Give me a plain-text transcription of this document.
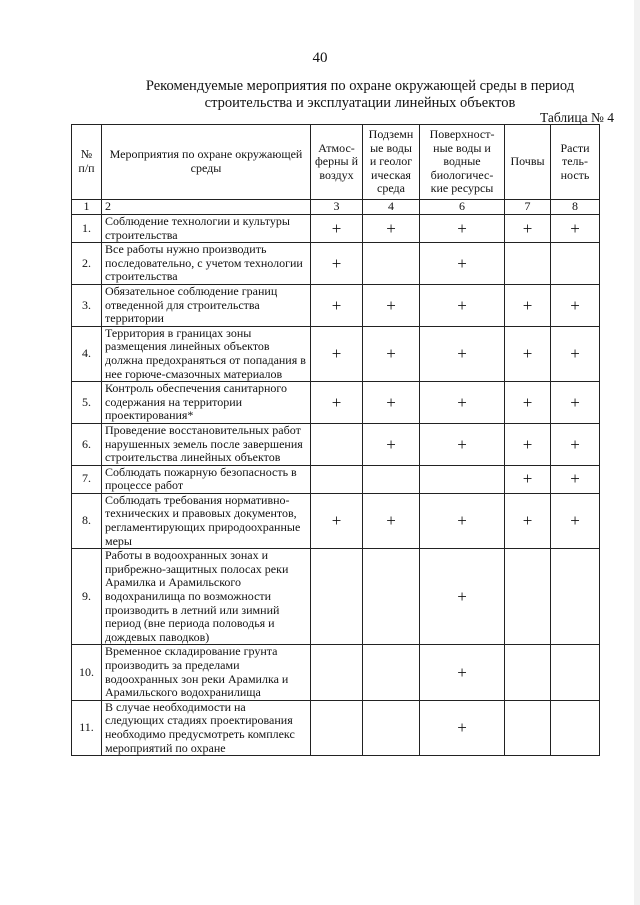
40
Рекомендуемые мероприятия по охране окружающей среды в период строительства и эксплуатации линейных объектов
Таблица № 4
№ п/п	Мероприятия по охране окружающей среды	Атмос-ферны й воздух	Подземн ые воды и геолог ическая среда	Поверхност-ные воды и водные биологичес-кие ресурсы	Почвы	Расти тель-ность
1	2	3	4	6	7	8
1.	Соблюдение технологии и культуры строительства	+	+	+	+	+
2.	Все работы нужно производить последовательно, с учетом технологии строительства	+		+		
3.	Обязательное соблюдение границ отведенной для строительства территории	+	+	+	+	+
4.	Территория в границах зоны размещения линейных объектов должна предохраняться от попадания в нее горюче-смазочных материалов	+	+	+	+	+
5.	Контроль обеспечения санитарного содержания на территории проектирования*	+	+	+	+	+
6.	Проведение восстановительных работ нарушенных земель после завершения строительства линейных объектов		+	+	+	+
7.	Соблюдать пожарную безопасность в процессе работ				+	+
8.	Соблюдать требования нормативно-технических и правовых документов, регламентирующих природоохранные меры	+	+	+	+	+
9.	Работы в водоохранных зонах и прибрежно-защитных полосах реки Арамилка и Арамильского водохранилища по возможности производить в летний или зимний период (вне периода половодья и дождевых паводков)			+		
10.	Временное складирование грунта производить за пределами водоохранных зон реки Арамилка и Арамильского водохранилища			+		
11.	В случае необходимости на следующих стадиях проектирования необходимо предусмотреть комплекс мероприятий по охране			+		
